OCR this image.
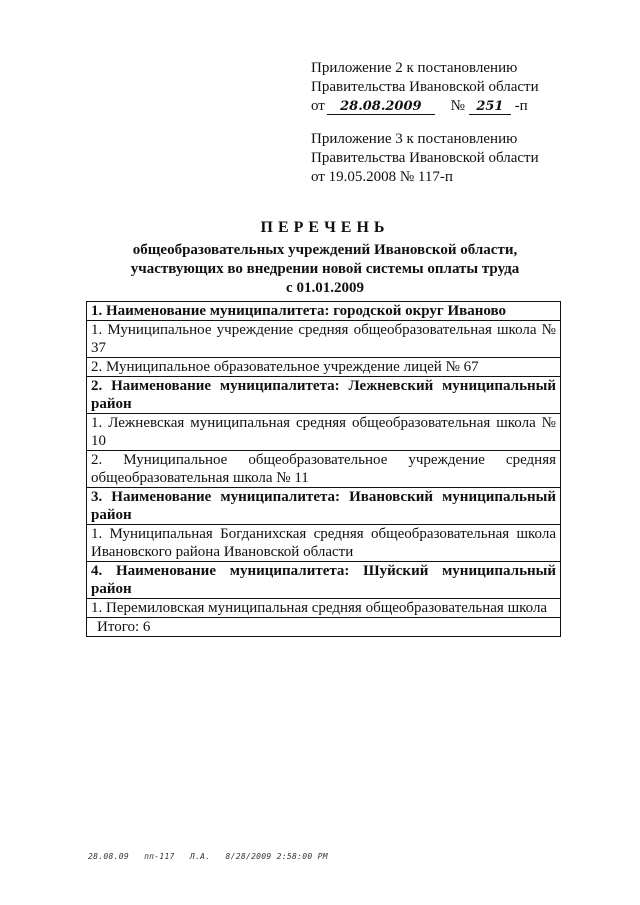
Приложение 2 к постановлению
Правительства Ивановской области
от 28.08.2009 № 251 -п
Приложение 3 к постановлению
Правительства Ивановской области
от 19.05.2008 № 117-п
ПЕРЕЧЕНЬ
общеобразовательных учреждений Ивановской области,
участвующих во внедрении новой системы оплаты труда
с 01.01.2009
1. Наименование муниципалитета: городской округ Иваново
1. Муниципальное учреждение средняя общеобразовательная школа № 37
2. Муниципальное образовательное учреждение лицей № 67
2. Наименование муниципалитета: Лежневский муниципальный район
1. Лежневская муниципальная средняя общеобразовательная школа № 10
2. Муниципальное общеобразовательное учреждение средняя общеобразовательная школа № 11
3. Наименование муниципалитета: Ивановский муниципальный район
1. Муниципальная Богданихская средняя общеобразовательная школа Ивановского района Ивановской области
4. Наименование муниципалитета: Шуйский муниципальный район
1. Перемиловская муниципальная средняя общеобразовательная школа
Итого: 6
28.08.09 пп-117 Л.А. 8/28/2009 2:58:00 PM
